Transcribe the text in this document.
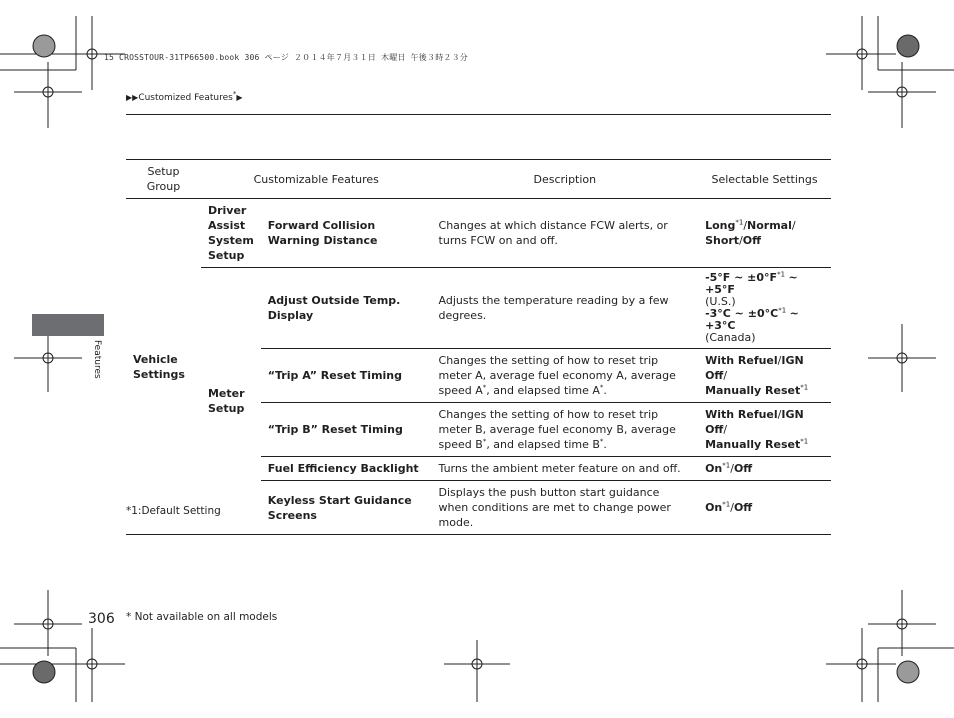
15 CROSSTOUR-31TP66500.book 306 ページ ２０１４年７月３１日 木曜日 午後３時２３分
▶▶Customized Features*▶
Features
Setup Group	Customizable Features		Description	Selectable Settings
Vehicle Settings	Driver Assist System Setup	Forward Collision Warning Distance	Changes at which distance FCW alerts, or turns FCW on and off.	Long$^{*1}$/Normal/
Short/Off
	Meter Setup	Adjust Outside Temp. Display	Adjusts the temperature reading by a few degrees.	-5°F ~ $\pm 0^\circ F^{*1}$ ~ +5°F
(U.S.)
-3°C ~ $\pm 0^\circ C^{*1}$ ~ +3°C
(Canada)
		“Trip A” Reset Timing	Changes the setting of how to reset trip meter A, average fuel economy A, average speed A*, and elapsed time A*.	With Refuel/IGN Off/
Manually Reset$^{*1}$
		“Trip B” Reset Timing	Changes the setting of how to reset trip meter B, average fuel economy B, average speed B*, and elapsed time B*.	With Refuel/IGN Off/
Manually Reset$^{*1}$
		Fuel Efficiency Backlight	Turns the ambient meter feature on and off.	On$^{*1}$/Off
		Keyless Start Guidance Screens	Displays the push button start guidance when conditions are met to change power mode.	On$^{*1}$/Off
*1:Default Setting
306 * Not available on all models
